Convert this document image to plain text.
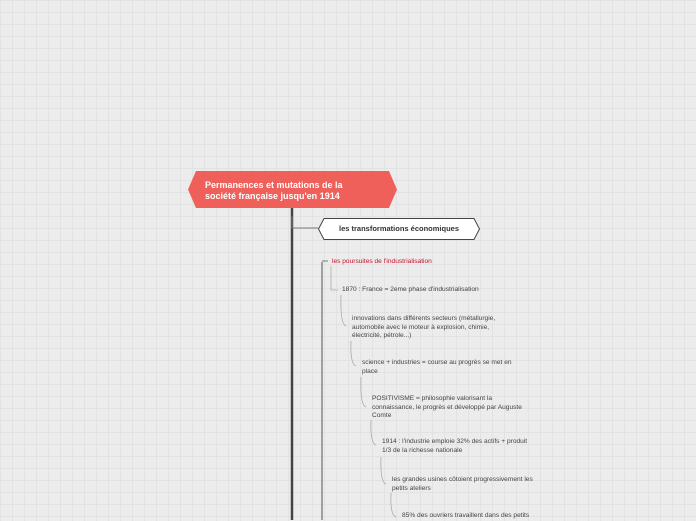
Permanences et mutations de la
société française jusqu'en 1914
les transformations économiques
les poursuites de l'industrialisation
1870 : France = 2eme phase d'industrialisation
innovations dans différents secteurs (métallurgie,
automobile avec le moteur à explosion, chimie,
électricité, pétrole...)
science + industries = course au progrès se met en
place
POSITIVISME = philosophie valorisant la
connaissance, le progrès et développé par Auguste
Comte
1914 : l'industrie emploie 32% des actifs + produit
1/3 de la richesse nationale
les grandes usines côtoient progressivement les
petits ateliers
85% des ouvriers travaillent dans des petits
